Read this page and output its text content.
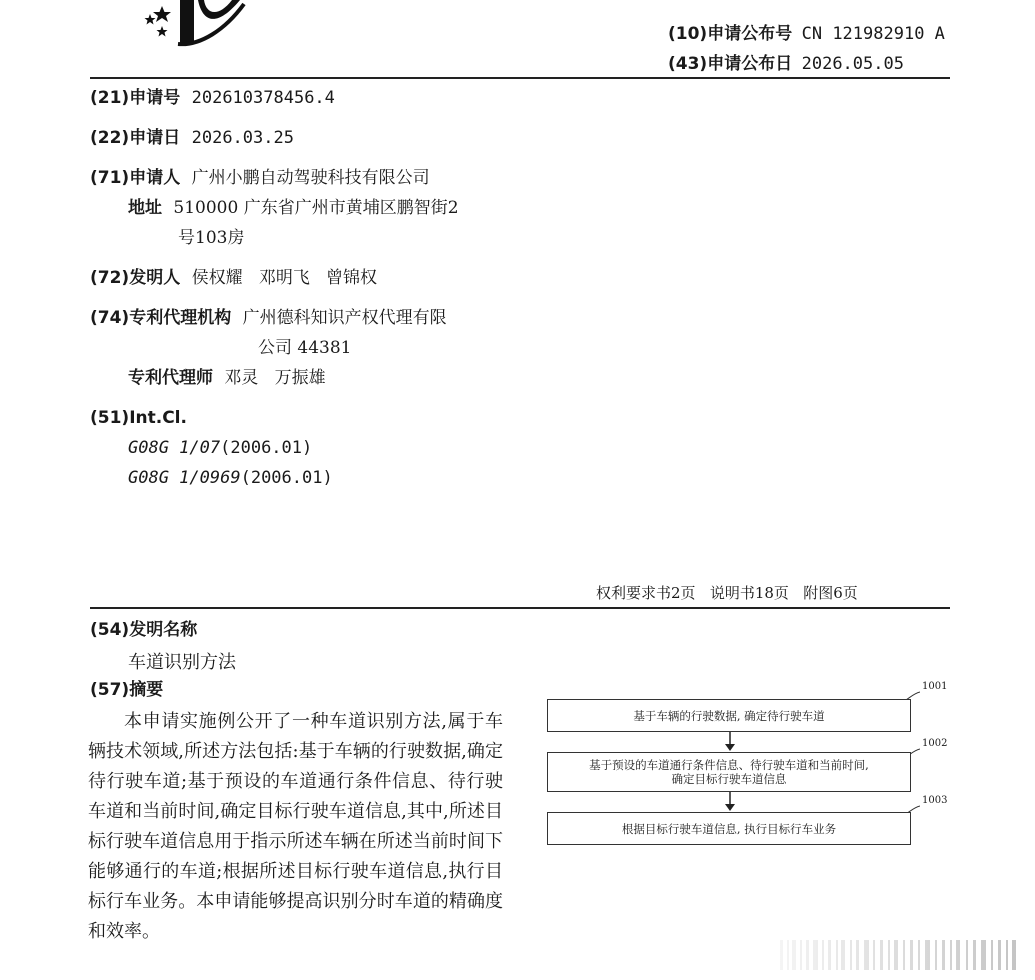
(10)申请公布号 CN 121982910 A
(43)申请公布日 2026.05.05
(21)申请号 202610378456.4
(22)申请日 2026.03.25
(71)申请人 广州小鹏自动驾驶科技有限公司
地址 510000 广东省广州市黄埔区鹏智街2
号103房
(72)发明人 侯权耀   邓明飞   曾锦权
(74)专利代理机构 广州德科知识产权代理有限
公司 44381
专利代理师 邓灵   万振雄
(51)Int.Cl.
G08G 1/07(2006.01)
G08G 1/0969(2006.01)
权利要求书2页   说明书18页   附图6页
(54)发明名称
车道识别方法
(57)摘要

本申请实施例公开了一种车道识别方法,属于车辆技术领域,所述方法包括:基于车辆的行驶数据,确定待行驶车道;基于预设的车道通行条件信息、待行驶车道和当前时间,确定目标行驶车道信息,其中,所述目标行驶车道信息用于指示所述车辆在所述当前时间下能够通行的车道;根据所述目标行驶车道信息,执行目标行车业务。本申请能够提高识别分时车道的精确度和效率。

1001
基于车辆的行驶数据, 确定待行驶车道
1002
基于预设的车道通行条件信息、待行驶车道和当前时间,
确定目标行驶车道信息
1003
根据目标行驶车道信息, 执行目标行车业务
